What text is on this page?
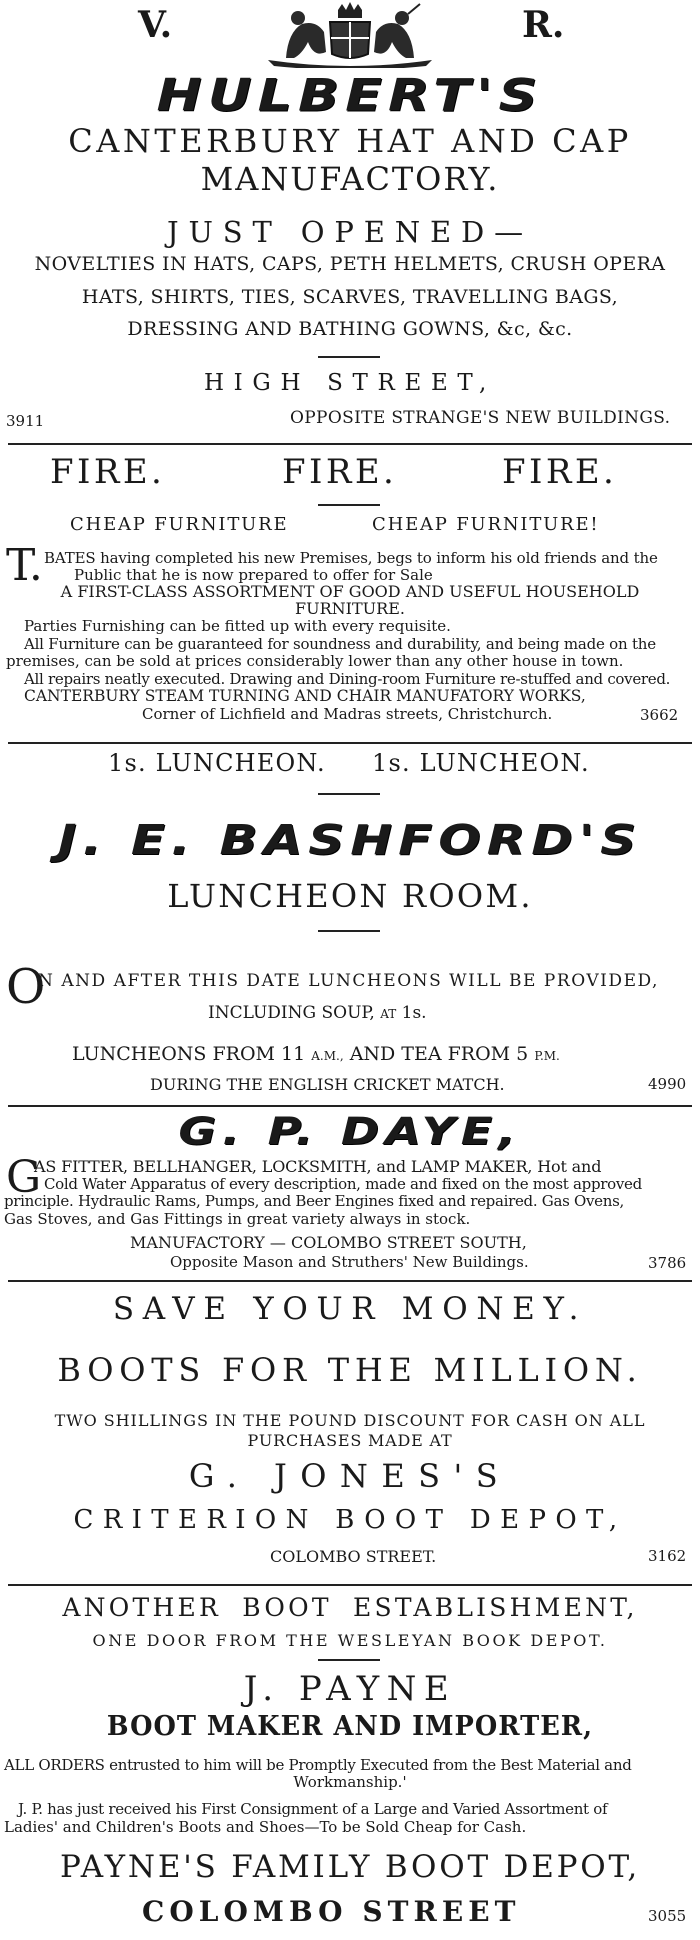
V.	R.
HULBERT'S
CANTERBURY HAT AND CAP
MANUFACTORY.
JUST OPENED—
NOVELTIES IN HATS, CAPS, PETH HELMETS, CRUSH OPERA
HATS, SHIRTS, TIES, SCARVES, TRAVELLING BAGS,
DRESSING AND BATHING GOWNS, &c, &c.
HIGH STREET,
3911	OPPOSITE STRANGE'S NEW BUILDINGS.
FIRE.	FIRE.	FIRE.
CHEAP FURNITURE	CHEAP FURNITURE!
T. BATES having completed his new Premises, begs to inform his old friends and the
Public that he is now prepared to offer for Sale
A FIRST-CLASS ASSORTMENT OF GOOD AND USEFUL HOUSEHOLD
FURNITURE.
Parties Furnishing can be fitted up with every requisite.
All Furniture can be guaranteed for soundness and durability, and being made on the
premises, can be sold at prices considerably lower than any other house in town.
All repairs neatly executed. Drawing and Dining-room Furniture re-stuffed and covered.
CANTERBURY STEAM TURNING AND CHAIR MANUFATORY WORKS,
Corner of Lichfield and Madras streets, Christchurch.	3662
1s. LUNCHEON. 1s. LUNCHEON.
J. E. BASHFORD'S
LUNCHEON ROOM.
O
N AND AFTER THIS DATE LUNCHEONS WILL BE PROVIDED,
INCLUDING SOUP, AT 1s.
LUNCHEONS FROM 11 A.M., AND TEA FROM 5 P.M.
DURING THE ENGLISH CRICKET MATCH.	4990
G. P. DAYE,
G
AS FITTER, BELLHANGER, LOCKSMITH, and LAMP MAKER, Hot and
Cold Water Apparatus of every description, made and fixed on the most approved
principle. Hydraulic Rams, Pumps, and Beer Engines fixed and repaired. Gas Ovens,
Gas Stoves, and Gas Fittings in great variety always in stock.
MANUFACTORY — COLOMBO STREET SOUTH,
Opposite Mason and Struthers' New Buildings.	3786
SAVE YOUR MONEY.
BOOTS FOR THE MILLION.
TWO SHILLINGS IN THE POUND DISCOUNT FOR CASH ON ALL
PURCHASES MADE AT
G. JONES'S
CRITERION BOOT DEPOT,
COLOMBO STREET.	3162
ANOTHER BOOT ESTABLISHMENT,
ONE DOOR FROM THE WESLEYAN BOOK DEPOT.
J. PAYNE
BOOT MAKER AND IMPORTER,
ALL ORDERS entrusted to him will be Promptly Executed from the Best Material and
Workmanship.'
J. P. has just received his First Consignment of a Large and Varied Assortment of
Ladies' and Children's Boots and Shoes—To be Sold Cheap for Cash.
PAYNE'S FAMILY BOOT DEPOT,
COLOMBO STREET	3055
